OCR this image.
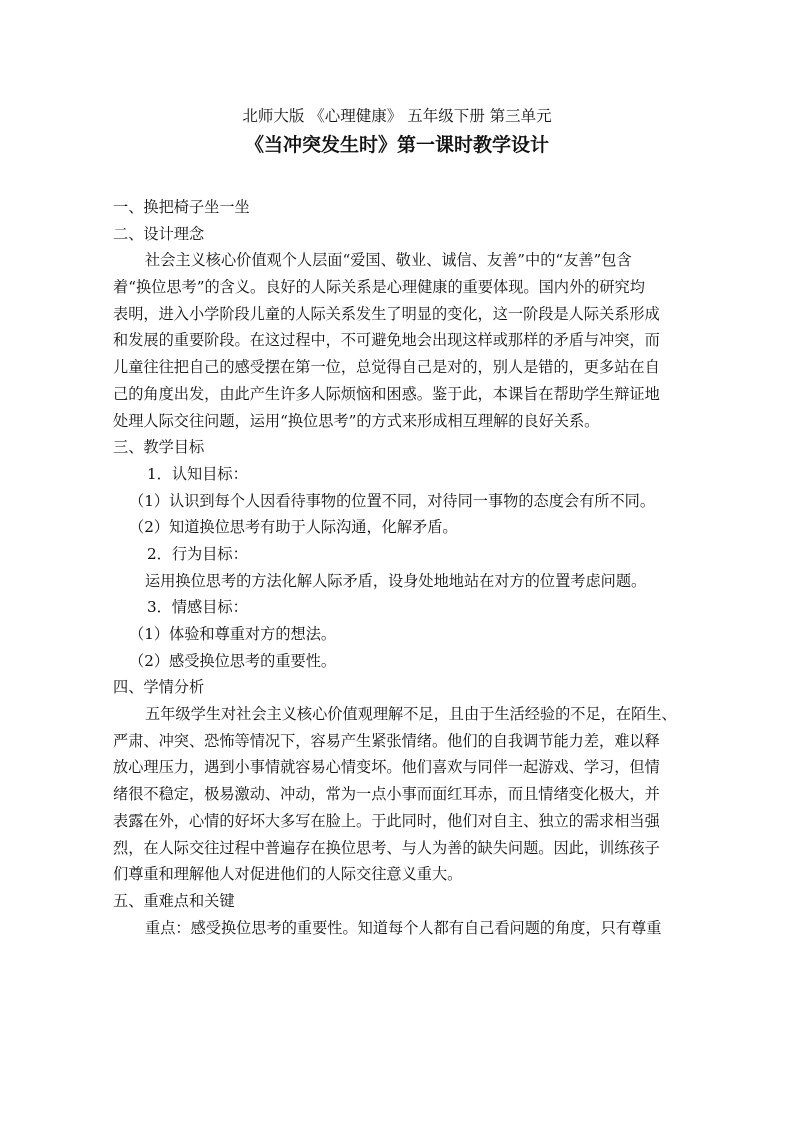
北师大版 《心理健康》 五年级下册 第三单元
《当冲突发生时》第一课时教学设计
一、换把椅子坐一坐
二、设计理念
社会主义核心价值观个人层面“爱国、敬业、诚信、友善”中的“友善”包含
着“换位思考”的含义。良好的人际关系是心理健康的重要体现。国内外的研究均
表明，进入小学阶段儿童的人际关系发生了明显的变化，这一阶段是人际关系形成
和发展的重要阶段。在这过程中，不可避免地会出现这样或那样的矛盾与冲突，而
儿童往往把自己的感受摆在第一位，总觉得自己是对的，别人是错的，更多站在自
己的角度出发，由此产生许多人际烦恼和困惑。鉴于此，本课旨在帮助学生辩证地
处理人际交往问题，运用“换位思考”的方式来形成相互理解的良好关系。
三、教学目标
1．认知目标：
（1）认识到每个人因看待事物的位置不同，对待同一事物的态度会有所不同。
（2）知道换位思考有助于人际沟通，化解矛盾。
2．行为目标：
运用换位思考的方法化解人际矛盾，设身处地地站在对方的位置考虑问题。
3．情感目标：
（1）体验和尊重对方的想法。
（2）感受换位思考的重要性。
四、学情分析
五年级学生对社会主义核心价值观理解不足，且由于生活经验的不足，在陌生、
严肃、冲突、恐怖等情况下，容易产生紧张情绪。他们的自我调节能力差，难以释
放心理压力，遇到小事情就容易心情变坏。他们喜欢与同伴一起游戏、学习，但情
绪很不稳定，极易激动、冲动，常为一点小事而面红耳赤，而且情绪变化极大，并
表露在外，心情的好坏大多写在脸上。于此同时，他们对自主、独立的需求相当强
烈，在人际交往过程中普遍存在换位思考、与人为善的缺失问题。因此，训练孩子
们尊重和理解他人对促进他们的人际交往意义重大。
五、重难点和关键
重点：感受换位思考的重要性。知道每个人都有自己看问题的角度，只有尊重
